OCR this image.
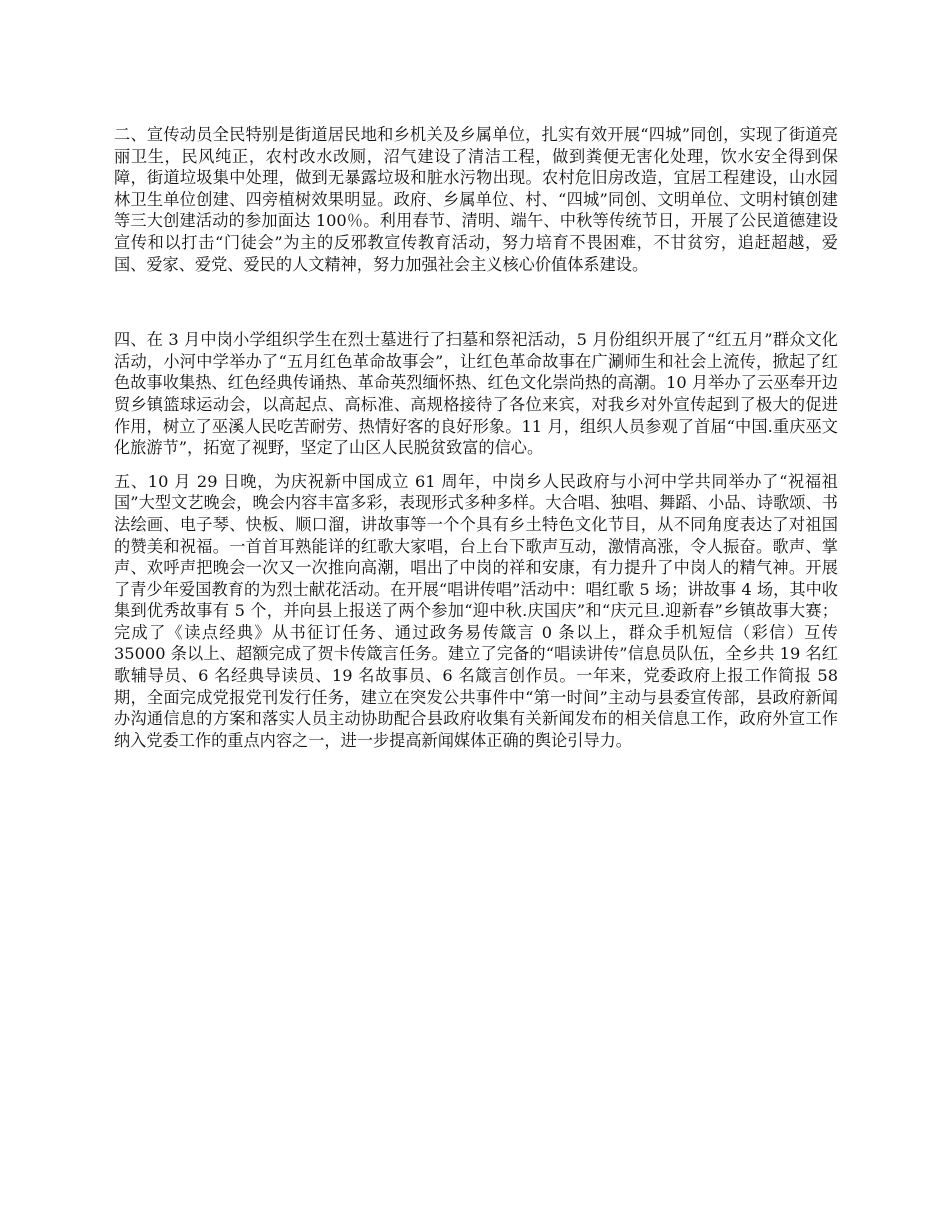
二、宣传动员全民特别是街道居民地和乡机关及乡属单位，扎实有效开展“四城”同创，实现了街道亮丽卫生，民风纯正，农村改水改厕，沼气建设了清洁工程，做到粪便无害化处理，饮水安全得到保障，街道垃圾集中处理，做到无暴露垃圾和脏水污物出现。农村危旧房改造，宜居工程建设，山水园林卫生单位创建、四旁植树效果明显。政府、乡属单位、村、“四城”同创、文明单位、文明村镇创建等三大创建活动的参加面达 100％。利用春节、清明、端午、中秋等传统节日，开展了公民道德建设宣传和以打击“门徒会”为主的反邪教宣传教育活动，努力培育不畏困难，不甘贫穷，追赶超越，爱国、爱家、爱党、爱民的人文精神，努力加强社会主义核心价值体系建设。

四、在 3 月中岗小学组织学生在烈士墓进行了扫墓和祭祀活动，5 月份组织开展了“红五月”群众文化活动，小河中学举办了“五月红色革命故事会”，让红色革命故事在广涮师生和社会上流传，掀起了红色故事收集热、红色经典传诵热、革命英烈缅怀热、红色文化崇尚热的高潮。10 月举办了云巫奉开边贸乡镇篮球运动会，以高起点、高标准、高规格接待了各位来宾，对我乡对外宣传起到了极大的促进作用，树立了巫溪人民吃苦耐劳、热情好客的良好形象。11 月，组织人员参观了首届“中国.重庆巫文化旅游节”，拓宽了视野，坚定了山区人民脱贫致富的信心。

五、10 月 29 日晚，为庆祝新中国成立 61 周年，中岗乡人民政府与小河中学共同举办了“祝福祖国”大型文艺晚会，晚会内容丰富多彩，表现形式多种多样。大合唱、独唱、舞蹈、小品、诗歌颂、书法绘画、电子琴、快板、顺口溜，讲故事等一个个具有乡土特色文化节目，从不同角度表达了对祖国的赞美和祝福。一首首耳熟能详的红歌大家唱，台上台下歌声互动，激情高涨，令人振奋。歌声、掌声、欢呼声把晚会一次又一次推向高潮，唱出了中岗的祥和安康，有力提升了中岗人的精气神。开展了青少年爱国教育的为烈士献花活动。在开展“唱讲传唱”活动中：唱红歌 5 场；讲故事 4 场，其中收集到优秀故事有 5 个，并向县上报送了两个参加“迎中秋.庆国庆”和“庆元旦.迎新春”乡镇故事大赛；完成了《读点经典》从书征订任务、通过政务易传箴言 0 条以上，群众手机短信（彩信）互传 35000 条以上、超额完成了贺卡传箴言任务。建立了完备的“唱读讲传”信息员队伍，全乡共 19 名红歌辅导员、6 名经典导读员、19 名故事员、6 名箴言创作员。一年来，党委政府上报工作简报 58 期，全面完成党报党刊发行任务，建立在突发公共事件中“第一时间”主动与县委宣传部，县政府新闻办沟通信息的方案和落实人员主动协助配合县政府收集有关新闻发布的相关信息工作，政府外宣工作纳入党委工作的重点内容之一，进一步提高新闻媒体正确的舆论引导力。
